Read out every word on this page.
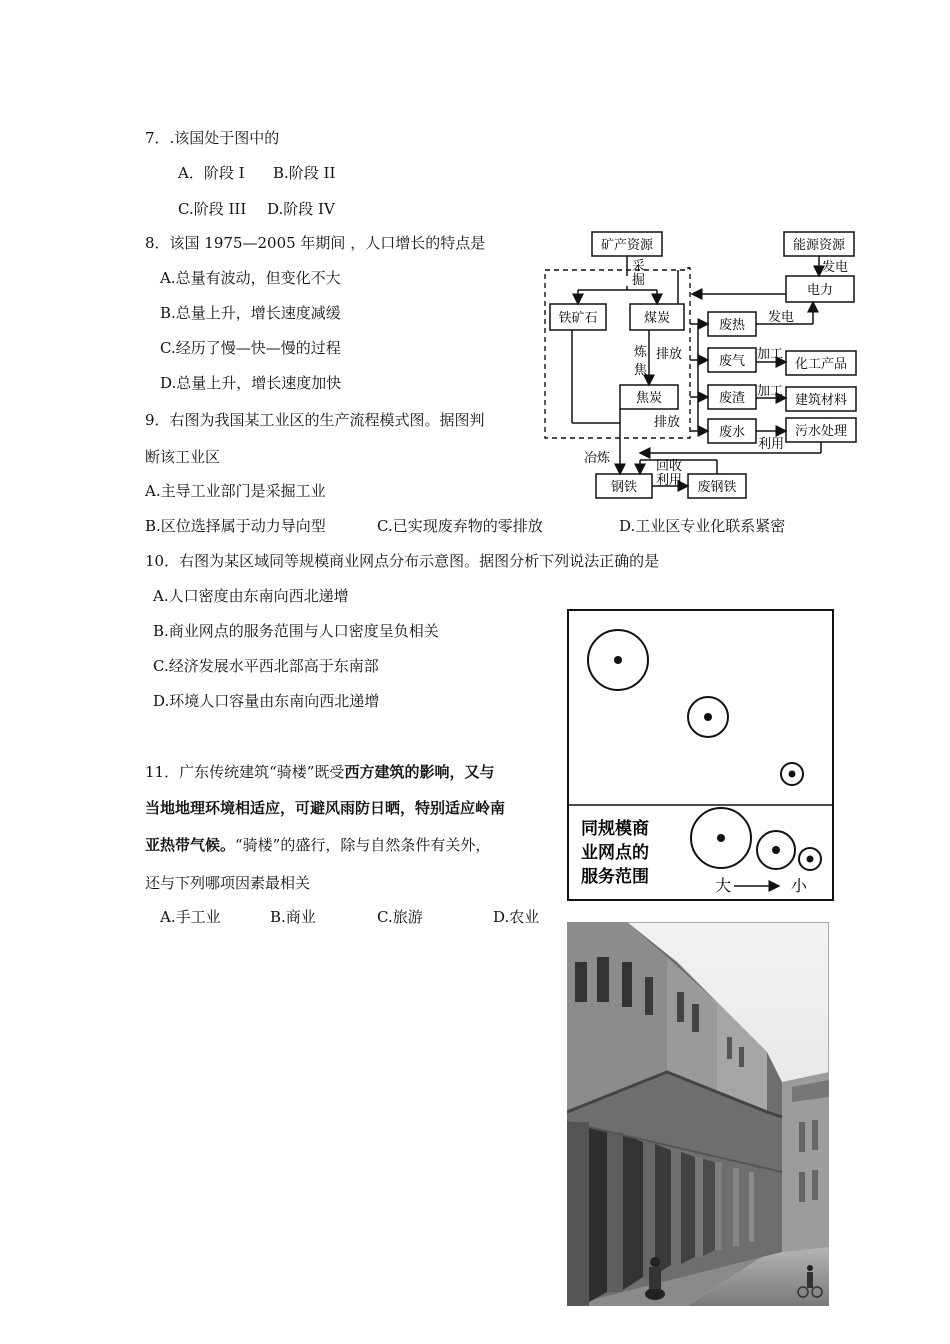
7．.该国处于图中的
A．阶段 I B.阶段 II
C.阶段 III D.阶段 IV
8．该国 1975—2005 年期间 ，人口增长的特点是
A.总量有波动，但变化不大
B.总量上升，增长速度减缓
C.经历了慢—快—慢的过程
D.总量上升，增长速度加快
9．右图为我国某工业区的生产流程模式图。据图判
断该工业区
A.主导工业部门是采掘工业
B.区位选择属于动力导向型	C.已实现废弃物的零排放	D.工业区专业化联系紧密
10．右图为某区域同等规模商业网点分布示意图。据图分析下列说法正确的是
A.人口密度由东南向西北递增
B.商业网点的服务范围与人口密度呈负相关
C.经济发展水平西北部高于东南部
D.环境人口容量由东南向西北递增
11．广东传统建筑“骑楼”既受西方建筑的影响，又与
当地地理环境相适应，可避风雨防日晒，特别适应岭南
亚热带气候。“骑楼”的盛行，除与自然条件有关外，
还与下列哪项因素最相关
A.手工业	B.商业	C.旅游	D.农业
矿产资源	能源资源
电力
铁矿石	煤炭	废热
废气
废渣
废水
化工产品
建筑材料
污水处理
焦炭
钢铁	废钢铁
采
掘
发电
发电
炼
焦
排放
排放
加工
加工
利用
冶炼
回收
利用
同规模商
业网点的
服务范围	大	小
